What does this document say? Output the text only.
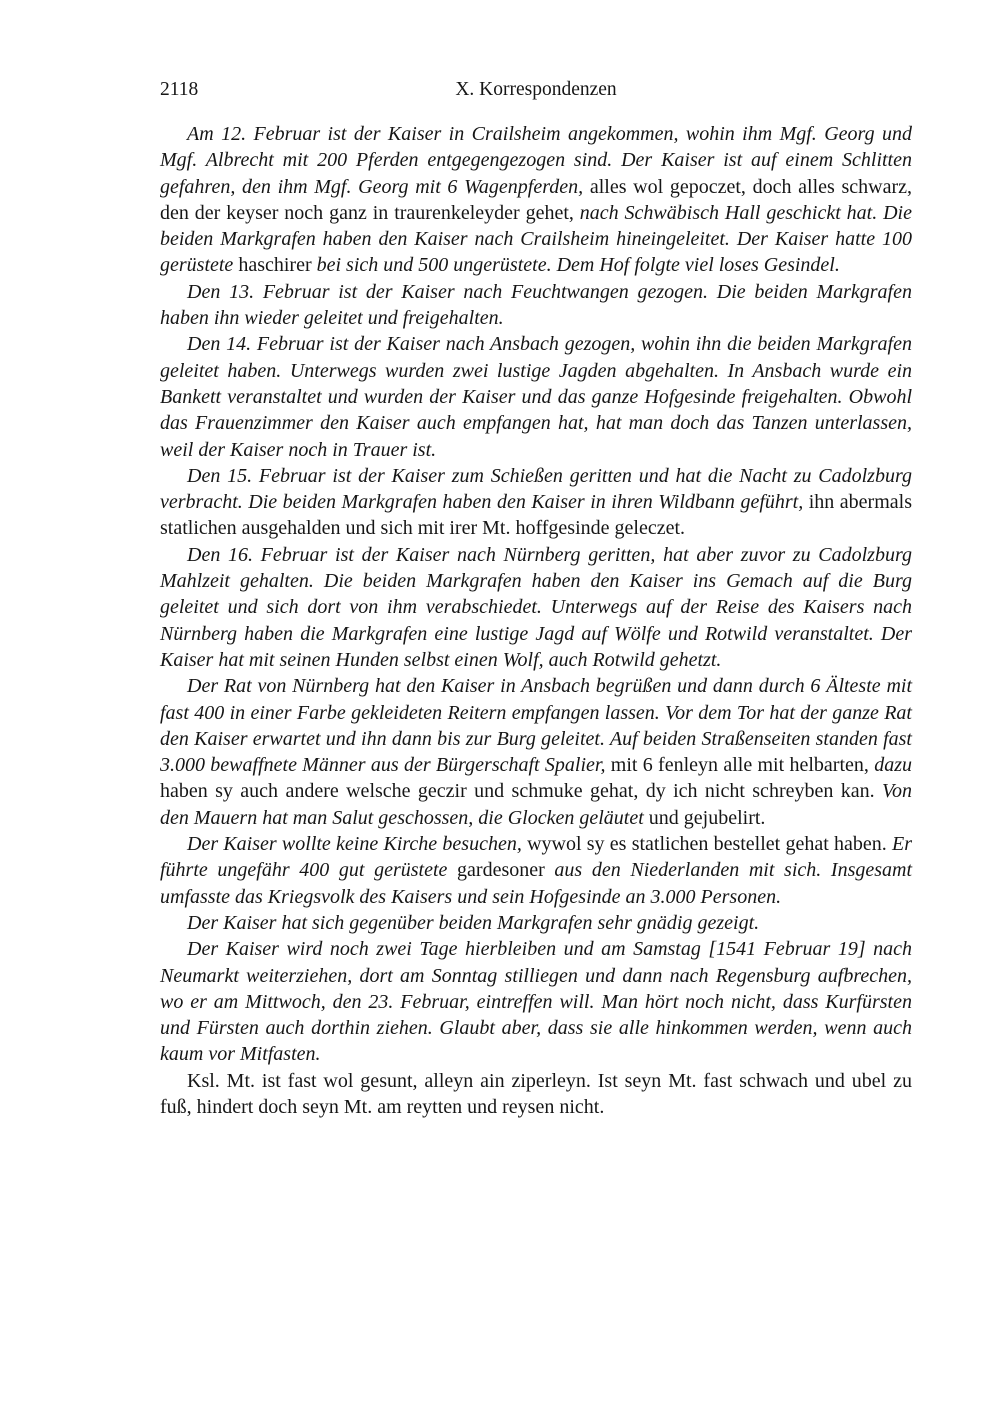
2118	X. Korrespondenzen

Am 12. Februar ist der Kaiser in Crailsheim angekommen, wohin ihm Mgf. Georg und Mgf. Albrecht mit 200 Pferden entgegengezogen sind. Der Kaiser ist auf einem Schlitten gefahren, den ihm Mgf. Georg mit 6 Wagenpferden, alles wol gepoczet, doch alles schwarz, den der keyser noch ganz in traurenkeleyder gehet, nach Schwäbisch Hall geschickt hat. Die beiden Markgrafen haben den Kaiser nach Crailsheim hineingeleitet. Der Kaiser hatte 100 gerüstete haschirer bei sich und 500 ungerüstete. Dem Hof folgte viel loses Gesindel.

Den 13. Februar ist der Kaiser nach Feuchtwangen gezogen. Die beiden Markgrafen haben ihn wieder geleitet und freigehalten.

Den 14. Februar ist der Kaiser nach Ansbach gezogen, wohin ihn die beiden Markgrafen geleitet haben. Unterwegs wurden zwei lustige Jagden abgehalten. In Ansbach wurde ein Bankett veranstaltet und wurden der Kaiser und das ganze Hofgesinde freigehalten. Obwohl das Frauenzimmer den Kaiser auch empfangen hat, hat man doch das Tanzen unterlassen, weil der Kaiser noch in Trauer ist.

Den 15. Februar ist der Kaiser zum Schießen geritten und hat die Nacht zu Cadolzburg verbracht. Die beiden Markgrafen haben den Kaiser in ihren Wildbann geführt, ihn abermals statlichen ausgehalden und sich mit irer Mt. hoffgesinde geleczet.

Den 16. Februar ist der Kaiser nach Nürnberg geritten, hat aber zuvor zu Cadolzburg Mahlzeit gehalten. Die beiden Markgrafen haben den Kaiser ins Gemach auf die Burg geleitet und sich dort von ihm verabschiedet. Unterwegs auf der Reise des Kaisers nach Nürnberg haben die Markgrafen eine lustige Jagd auf Wölfe und Rotwild veranstaltet. Der Kaiser hat mit seinen Hunden selbst einen Wolf, auch Rotwild gehetzt.

Der Rat von Nürnberg hat den Kaiser in Ansbach begrüßen und dann durch 6 Älteste mit fast 400 in einer Farbe gekleideten Reitern empfangen lassen. Vor dem Tor hat der ganze Rat den Kaiser erwartet und ihn dann bis zur Burg geleitet. Auf beiden Straßenseiten standen fast 3.000 bewaffnete Männer aus der Bürgerschaft Spalier, mit 6 fenleyn alle mit helbarten, dazu haben sy auch andere welsche geczir und schmuke gehat, dy ich nicht schreyben kan. Von den Mauern hat man Salut geschossen, die Glocken geläutet und gejubelirt.

Der Kaiser wollte keine Kirche besuchen, wywol sy es statlichen bestellet gehat haben. Er führte ungefähr 400 gut gerüstete gardesoner aus den Niederlanden mit sich. Insgesamt umfasste das Kriegsvolk des Kaisers und sein Hofgesinde an 3.000 Personen.

Der Kaiser hat sich gegenüber beiden Markgrafen sehr gnädig gezeigt.

Der Kaiser wird noch zwei Tage hierbleiben und am Samstag [1541 Februar 19] nach Neumarkt weiterziehen, dort am Sonntag stilliegen und dann nach Regensburg aufbrechen, wo er am Mittwoch, den 23. Februar, eintreffen will. Man hört noch nicht, dass Kurfürsten und Fürsten auch dorthin ziehen. Glaubt aber, dass sie alle hinkommen werden, wenn auch kaum vor Mitfasten.

Ksl. Mt. ist fast wol gesunt, alleyn ain ziperleyn. Ist seyn Mt. fast schwach und ubel zu fuß, hindert doch seyn Mt. am reytten und reysen nicht.
